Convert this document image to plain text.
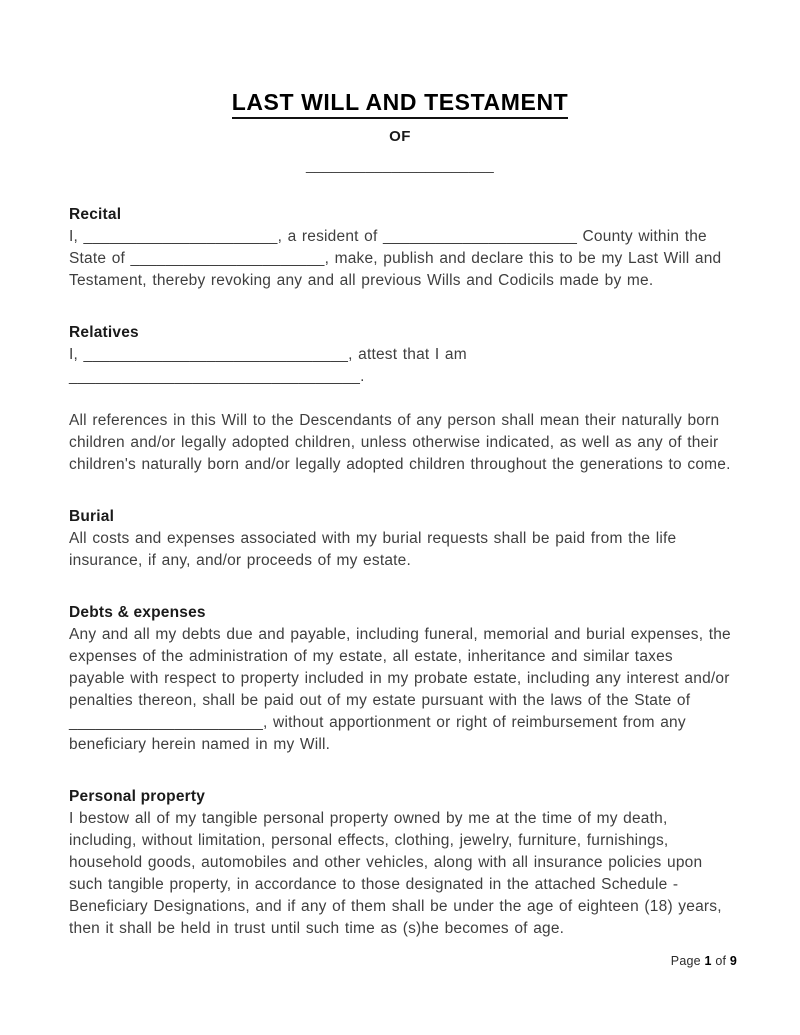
LAST WILL AND TESTAMENT
OF
______________________
Recital

I, ______________________, a resident of ______________________ County within the State of ______________________, make, publish and declare this to be my Last Will and Testament, thereby revoking any and all previous Wills and Codicils made by me.

Relatives

I, ______________________________, attest that I am _________________________________.

All references in this Will to the Descendants of any person shall mean their naturally born children and/or legally adopted children, unless otherwise indicated, as well as any of their children's naturally born and/or legally adopted children throughout the generations to come.

Burial

All costs and expenses associated with my burial requests shall be paid from the life insurance, if any, and/or proceeds of my estate.

Debts & expenses

Any and all my debts due and payable, including funeral, memorial and burial expenses, the expenses of the administration of my estate, all estate, inheritance and similar taxes payable with respect to property included in my probate estate, including any interest and/or penalties thereon, shall be paid out of my estate pursuant with the laws of the State of ______________________, without apportionment or right of reimbursement from any beneficiary herein named in my Will.

Personal property

I bestow all of my tangible personal property owned by me at the time of my death, including, without limitation, personal effects, clothing, jewelry, furniture, furnishings, household goods, automobiles and other vehicles, along with all insurance policies upon such tangible property, in accordance to those designated in the attached Schedule - Beneficiary Designations, and if any of them shall be under the age of eighteen (18) years, then it shall be held in trust until such time as (s)he becomes of age.

Page 1 of 9
